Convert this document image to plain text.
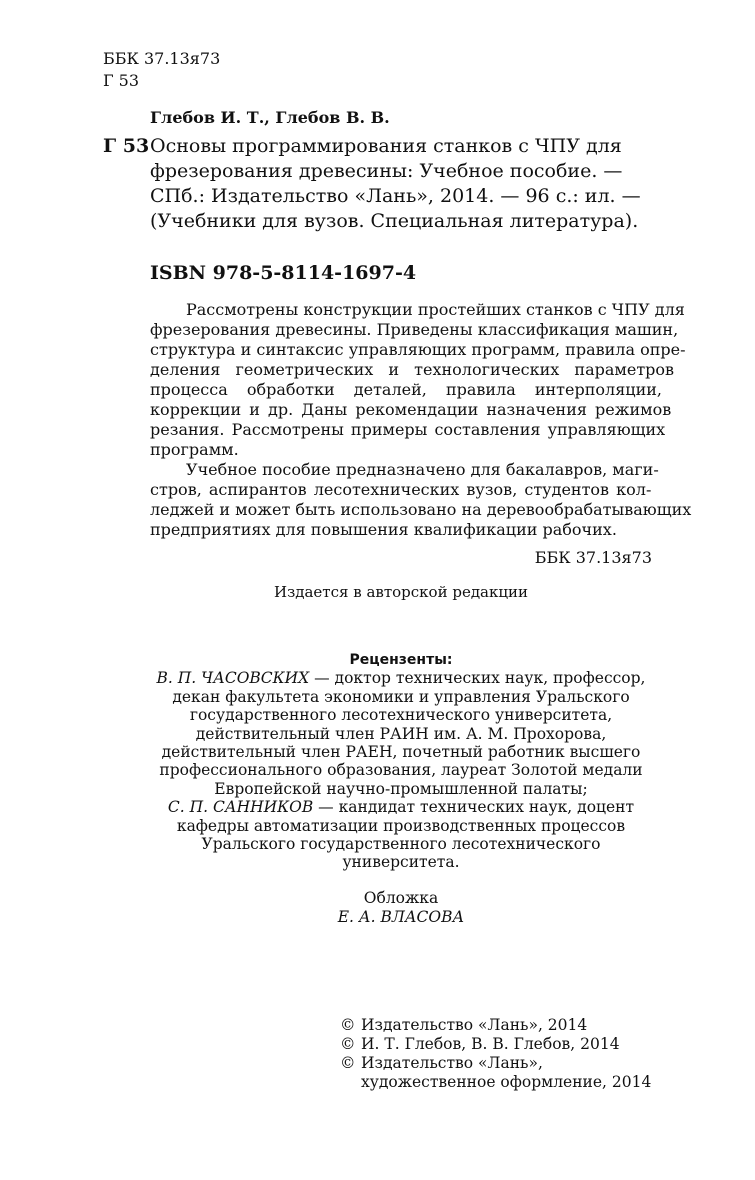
ББК 37.13я73
Г 53
Глебов И. Т., Глебов В. В.
Г 53 Основы программирования станков с ЧПУ для
фрезерования древесины: Учебное пособие. —
СПб.: Издательство «Лань», 2014. — 96 с.: ил. —
(Учебники для вузов. Специальная литература).
ISBN 978-5-8114-1697-4
Рассмотрены конструкции простейших станков с ЧПУ для
фрезерования древесины. Приведены классификация машин,
структура и синтаксис управляющих программ, правила опре-
деления геометрических и технологических параметров
процесса обработки деталей, правила интерполяции,
коррекции и др. Даны рекомендации назначения режимов
резания. Рассмотрены примеры составления управляющих
программ.
Учебное пособие предназначено для бакалавров, маги-
стров, аспирантов лесотехнических вузов, студентов кол-
леджей и может быть использовано на деревообрабатывающих
предприятиях для повышения квалификации рабочих.
ББК 37.13я73
Издается в авторской редакции
Рецензенты:
В. П. ЧАСОВСКИХ — доктор технических наук, профессор,
декан факультета экономики и управления Уральского
государственного лесотехнического университета,
действительный член РАИН им. А. М. Прохорова,
действительный член РАЕН, почетный работник высшего
профессионального образования, лауреат Золотой медали
Европейской научно-промышленной палаты;
С. П. САННИКОВ — кандидат технических наук, доцент
кафедры автоматизации производственных процессов
Уральского государственного лесотехнического
университета.
Обложка
Е. А. ВЛАСОВА
© Издательство «Лань», 2014
© И. Т. Глебов, В. В. Глебов, 2014
© Издательство «Лань»,
художественное оформление, 2014
